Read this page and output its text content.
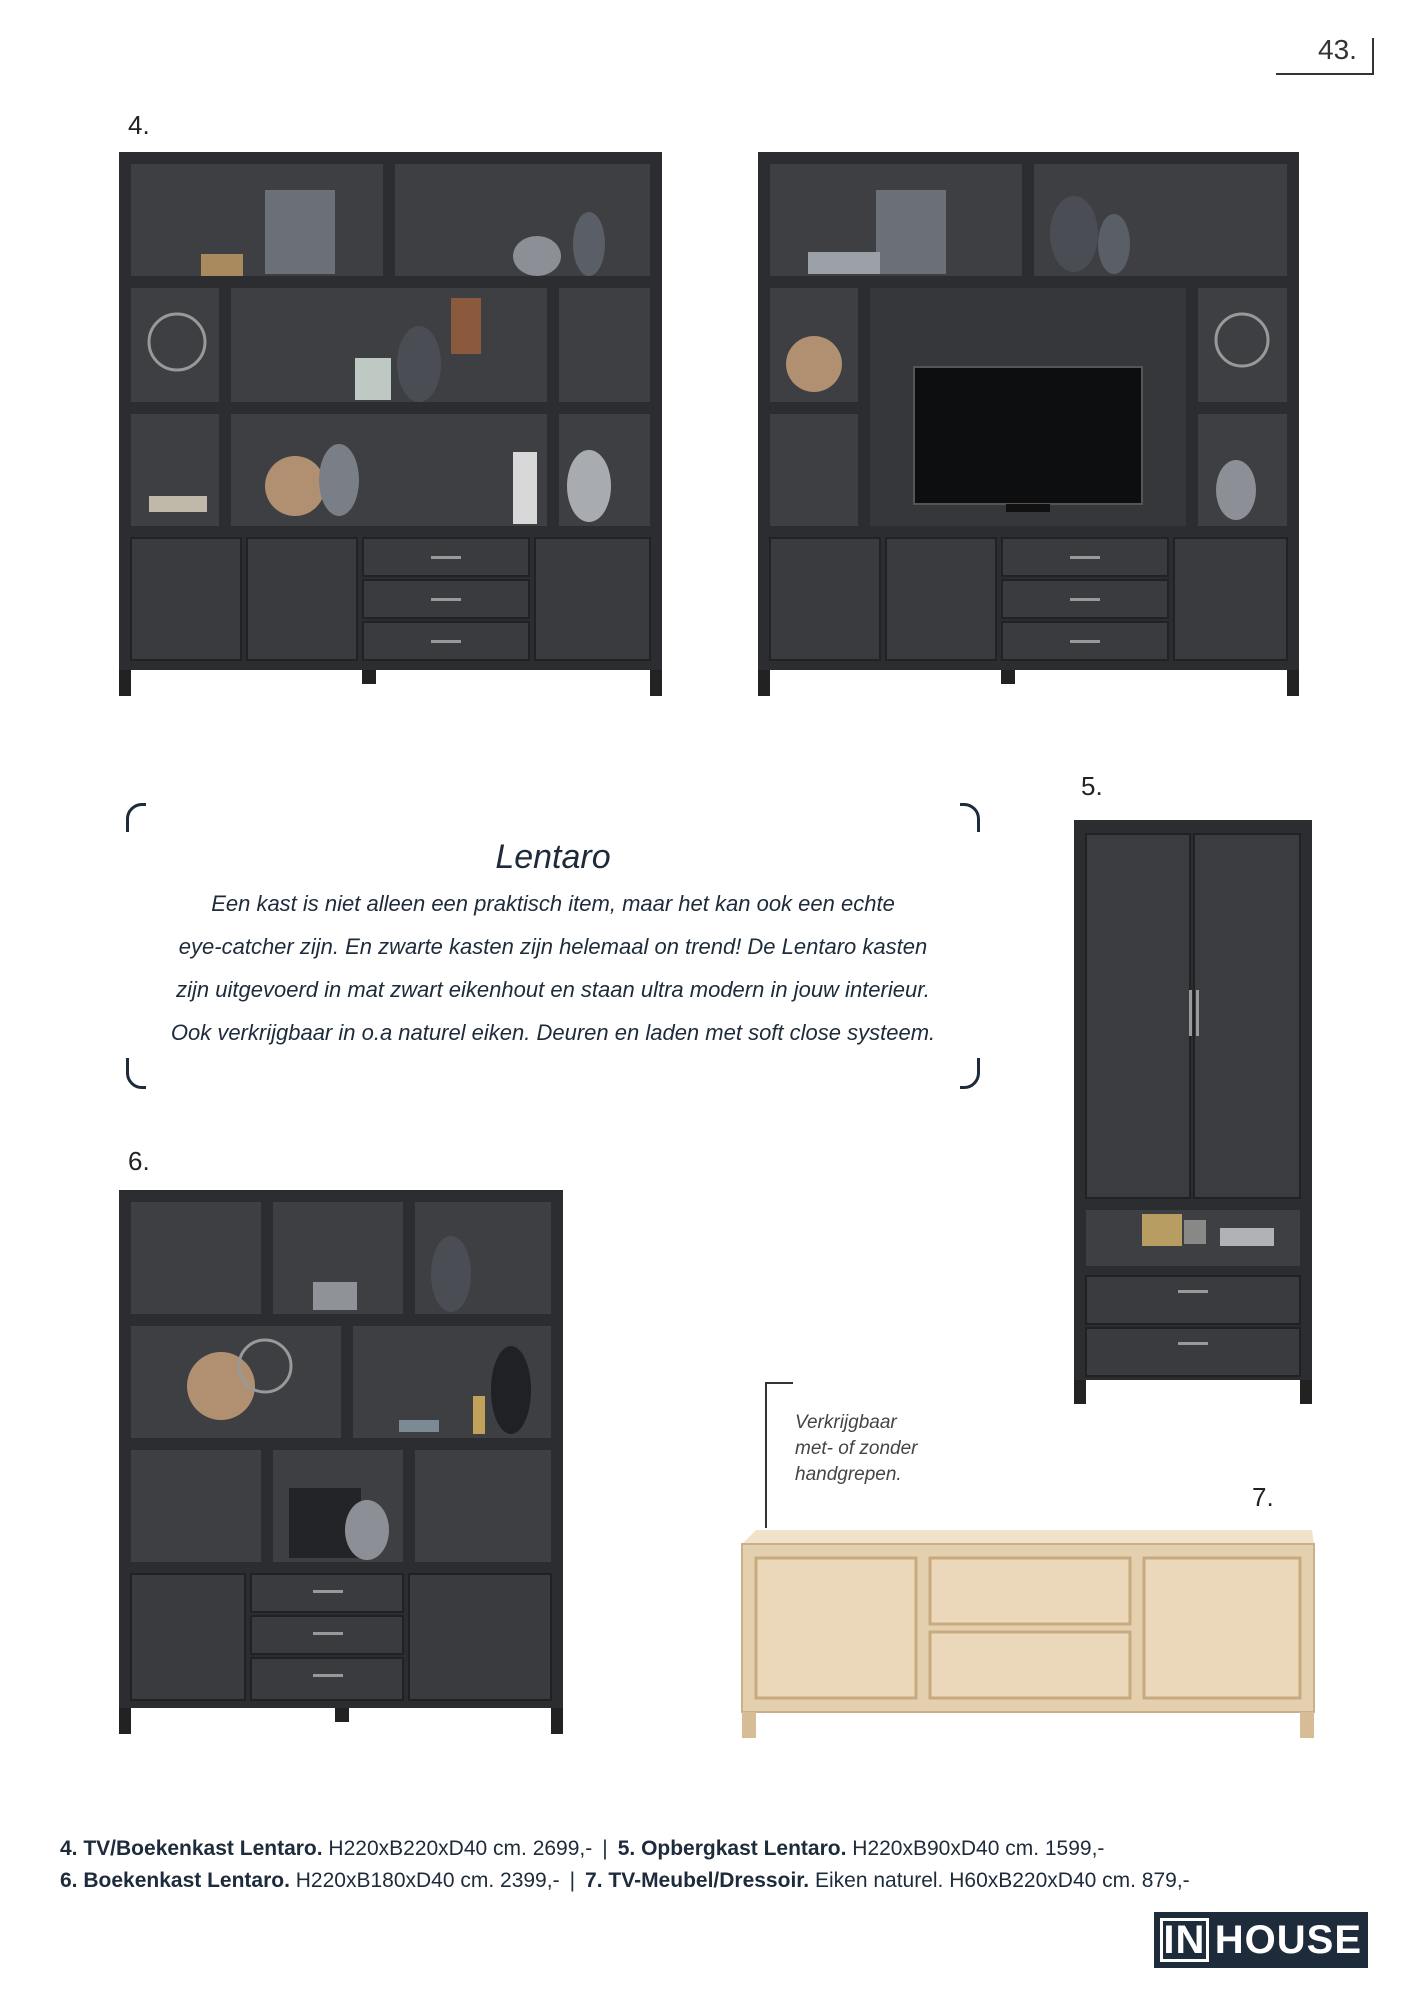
43.
4.
5.
6.
7.
Lentaro
Een kast is niet alleen een praktisch item, maar het kan ook een echte
eye-catcher zijn. En zwarte kasten zijn helemaal on trend! De Lentaro kasten
zijn uitgevoerd in mat zwart eikenhout en staan ultra modern in jouw interieur.
Ook verkrijgbaar in o.a naturel eiken. Deuren en laden met soft close systeem.
Verkrijgbaar
met- of zonder
handgrepen.
4. TV/Boekenkast Lentaro. H220xB220xD40 cm. 2699,- | 5. Opbergkast Lentaro. H220xB90xD40 cm. 1599,-
6. Boekenkast Lentaro. H220xB180xD40 cm. 2399,- | 7. TV-Meubel/Dressoir. Eiken naturel. H60xB220xD40 cm. 879,-
IN HOUSE
